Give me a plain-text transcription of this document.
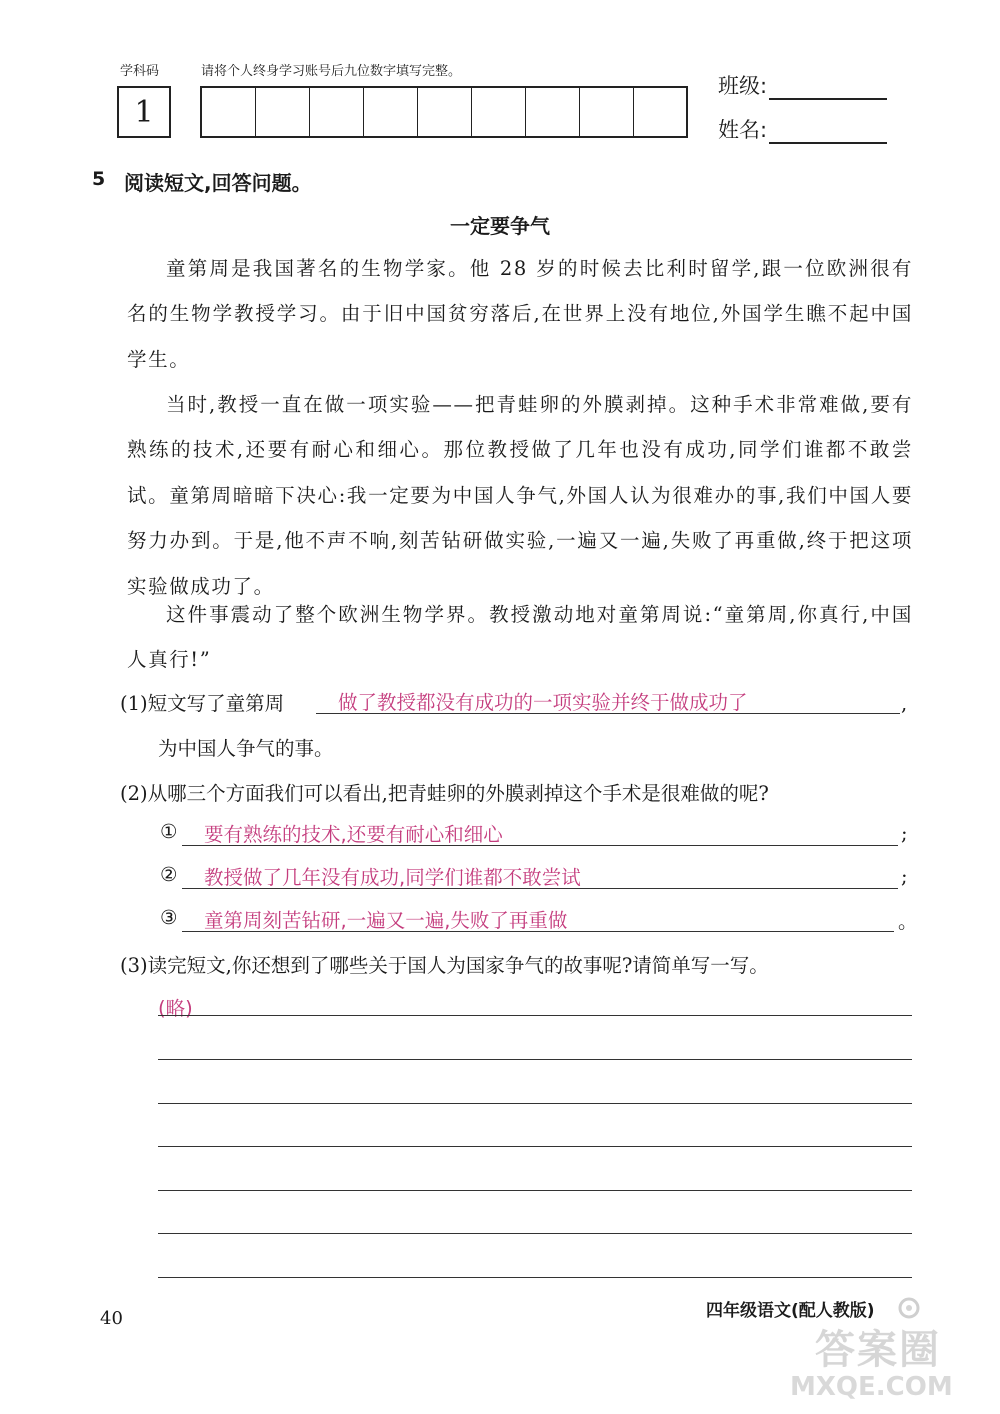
学科码	请将个人终身学习账号后九位数字填写完整。
1
班级:
姓名:
5 阅读短文,回答问题。
一定要争气

童第周是我国著名的生物学家。他 28 岁的时候去比利时留学,跟一位欧洲很有名的生物学教授学习。由于旧中国贫穷落后,在世界上没有地位,外国学生瞧不起中国学生。

当时,教授一直在做一项实验——把青蛙卵的外膜剥掉。这种手术非常难做,要有熟练的技术,还要有耐心和细心。那位教授做了几年也没有成功,同学们谁都不敢尝试。童第周暗暗下决心:我一定要为中国人争气,外国人认为很难办的事,我们中国人要努力办到。于是,他不声不响,刻苦钻研做实验,一遍又一遍,失败了再重做,终于把这项实验做成功了。

这件事震动了整个欧洲生物学界。教授激动地对童第周说:“童第周,你真行,中国人真行!”

(1)短文写了童第周	做了教授都没有成功的一项实验并终于做成功了	,
为中国人争气的事。
(2)从哪三个方面我们可以看出,把青蛙卵的外膜剥掉这个手术是很难做的呢?
① 要有熟练的技术,还要有耐心和细心	;
② 教授做了几年没有成功,同学们谁都不敢尝试	;
③ 童第周刻苦钻研,一遍又一遍,失败了再重做	。
(3)读完短文,你还想到了哪些关于国人为国家争气的故事呢?请简单写一写。
(略)
40	四年级语文(配人教版)
答案圈
MXQE.COM
